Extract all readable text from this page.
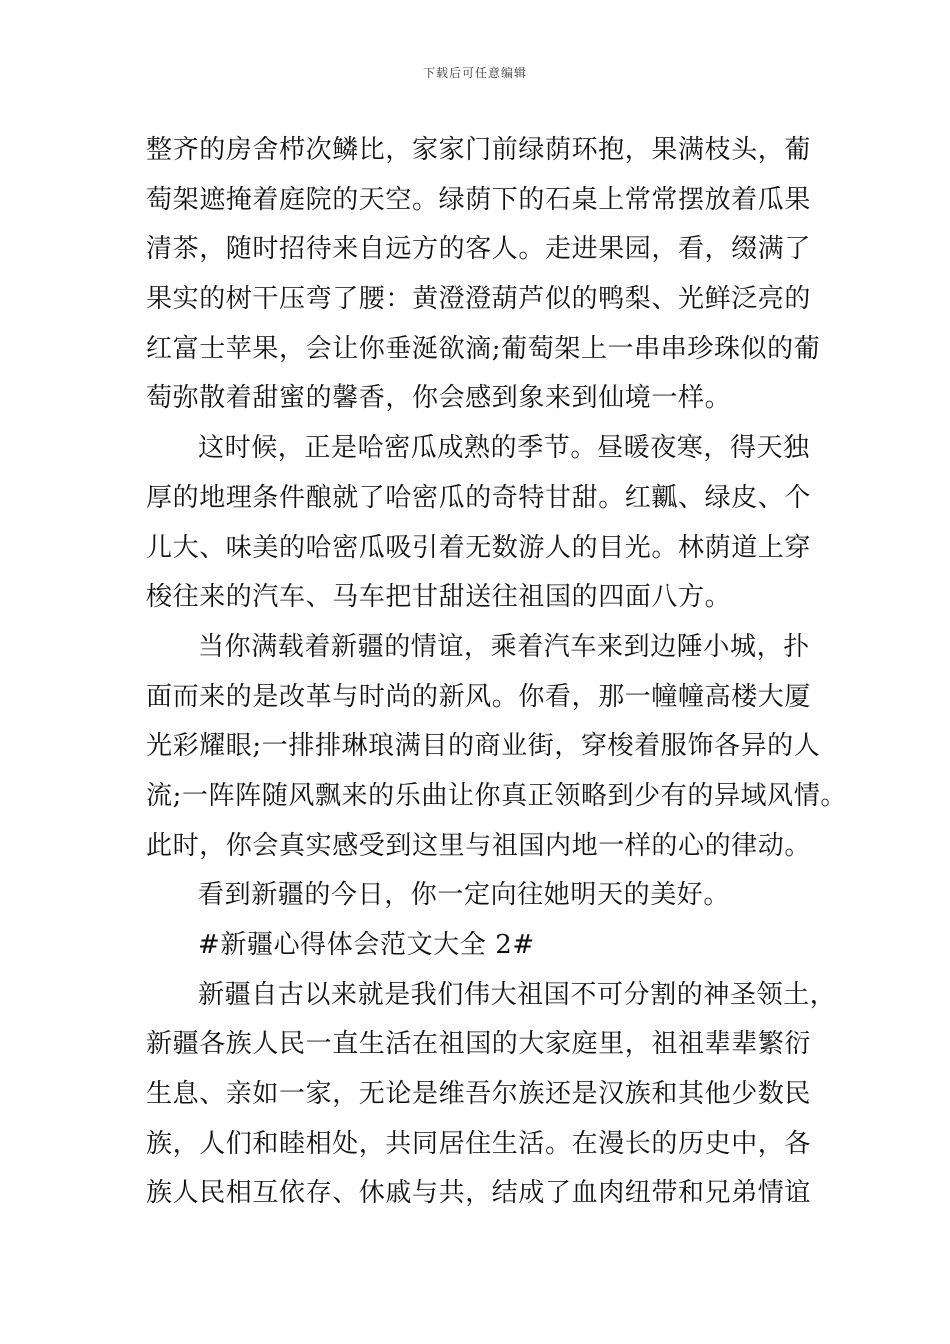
下载后可任意编辑
整齐的房舍栉次鳞比，家家门前绿荫环抱，果满枝头，葡
萄架遮掩着庭院的天空。绿荫下的石桌上常常摆放着瓜果
清茶，随时招待来自远方的客人。走进果园，看，缀满了
果实的树干压弯了腰：黄澄澄葫芦似的鸭梨、光鲜泛亮的
红富士苹果，会让你垂涎欲滴;葡萄架上一串串珍珠似的葡
萄弥散着甜蜜的馨香，你会感到象来到仙境一样。
这时候，正是哈密瓜成熟的季节。昼暖夜寒，得天独
厚的地理条件酿就了哈密瓜的奇特甘甜。红瓤、绿皮、个
儿大、味美的哈密瓜吸引着无数游人的目光。林荫道上穿
梭往来的汽车、马车把甘甜送往祖国的四面八方。
当你满载着新疆的情谊，乘着汽车来到边陲小城，扑
面而来的是改革与时尚的新风。你看，那一幢幢高楼大厦
光彩耀眼;一排排琳琅满目的商业街，穿梭着服饰各异的人
流;一阵阵随风飘来的乐曲让你真正领略到少有的异域风情。
此时，你会真实感受到这里与祖国内地一样的心的律动。
看到新疆的今日，你一定向往她明天的美好。
#新疆心得体会范文大全 2#
新疆自古以来就是我们伟大祖国不可分割的神圣领土，
新疆各族人民一直生活在祖国的大家庭里，祖祖辈辈繁衍
生息、亲如一家，无论是维吾尔族还是汉族和其他少数民
族，人们和睦相处，共同居住生活。在漫长的历史中，各
族人民相互依存、休戚与共，结成了血肉纽带和兄弟情谊
